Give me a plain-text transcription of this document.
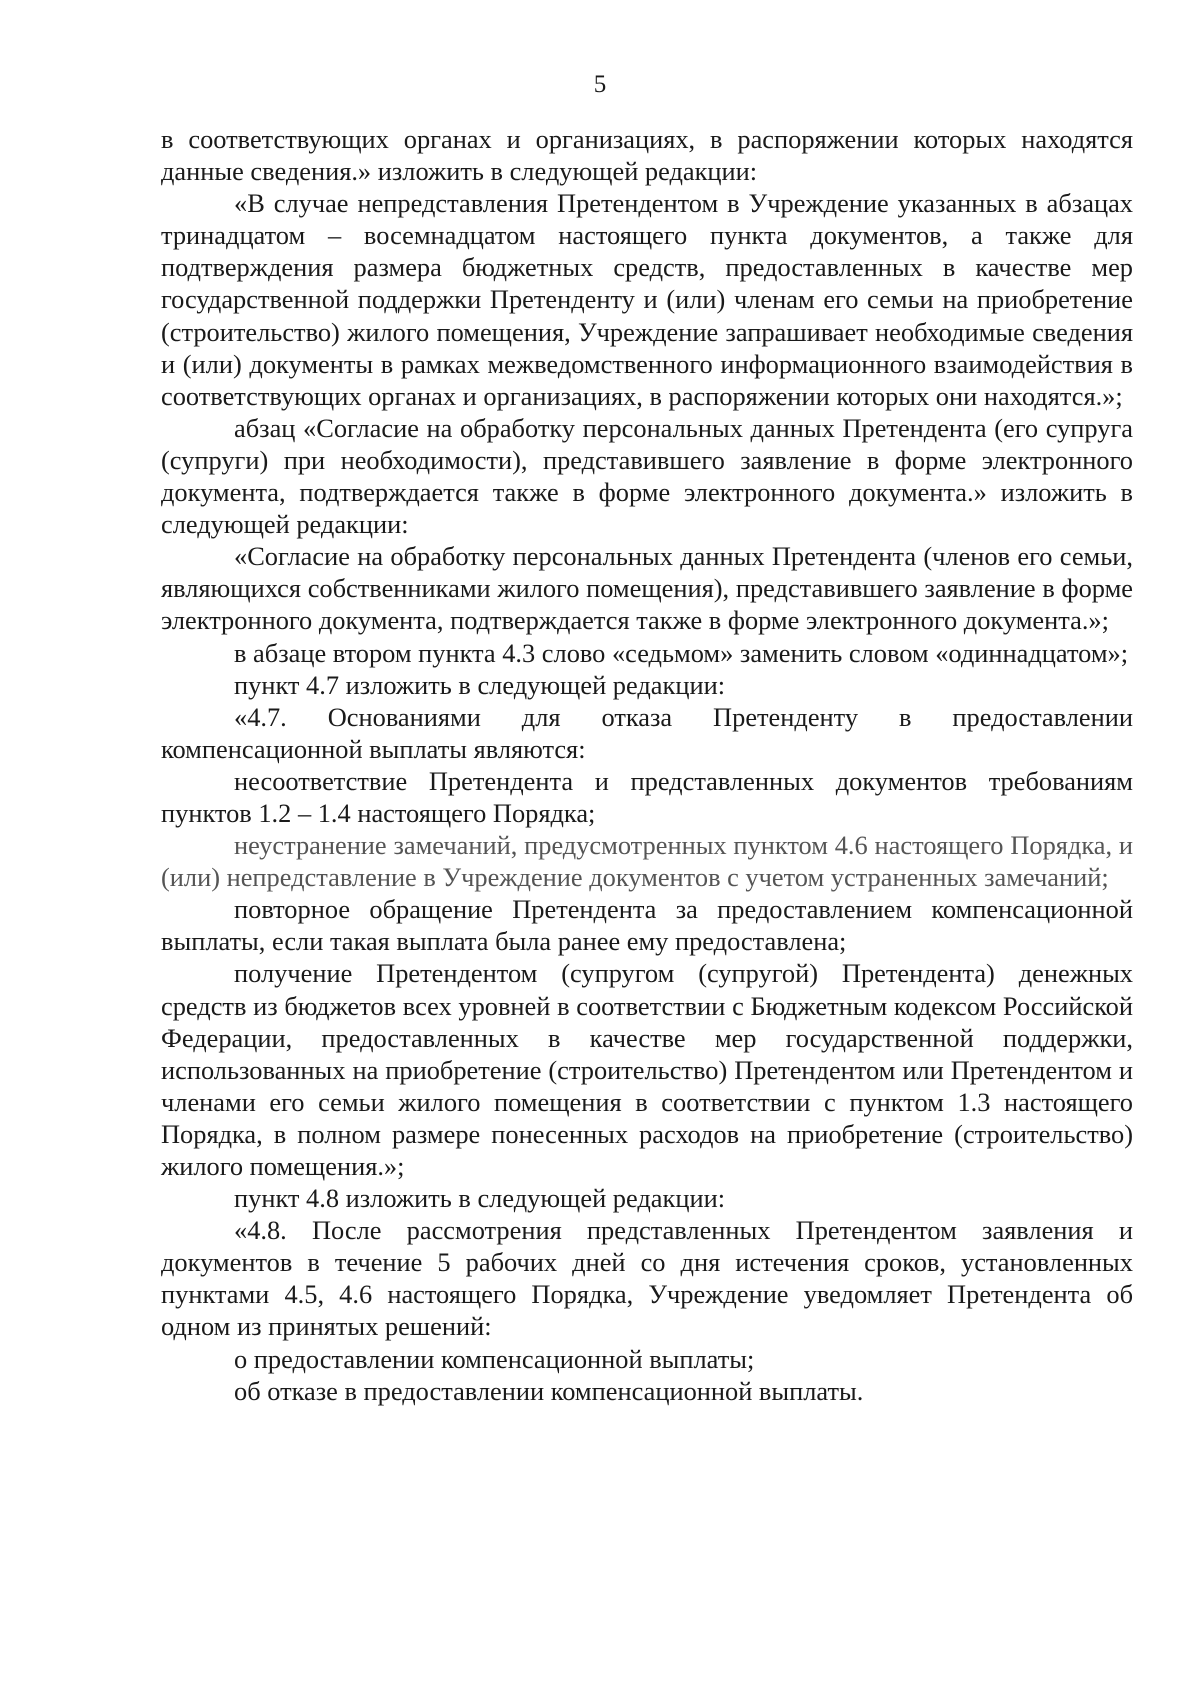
5

в соответствующих органах и организациях, в распоряжении которых находятся данные сведения.» изложить в следующей редакции:

«В случае непредставления Претендентом в Учреждение указанных в абзацах тринадцатом – восемнадцатом настоящего пункта документов, а также для подтверждения размера бюджетных средств, предоставленных в качестве мер государственной поддержки Претенденту и (или) членам его семьи на приобретение (строительство) жилого помещения, Учреждение запрашивает необходимые сведения и (или) документы в рамках межведомственного информационного взаимодействия в соответствующих органах и организациях, в распоряжении которых они находятся.»;

абзац «Согласие на обработку персональных данных Претендента (его супруга (супруги) при необходимости), представившего заявление в форме электронного документа, подтверждается также в форме электронного документа.» изложить в следующей редакции:

«Согласие на обработку персональных данных Претендента (членов его семьи, являющихся собственниками жилого помещения), представившего заявление в форме электронного документа, подтверждается также в форме электронного документа.»;

в абзаце втором пункта 4.3 слово «седьмом» заменить словом «одиннадцатом»;

пункт 4.7 изложить в следующей редакции:

«4.7. Основаниями для отказа Претенденту в предоставлении компенсационной выплаты являются:

несоответствие Претендента и представленных документов требованиям пунктов 1.2 – 1.4 настоящего Порядка;

неустранение замечаний, предусмотренных пунктом 4.6 настоящего Порядка, и (или) непредставление в Учреждение документов с учетом устраненных замечаний;

повторное обращение Претендента за предоставлением компенсационной выплаты, если такая выплата была ранее ему предоставлена;

получение Претендентом (супругом (супругой) Претендента) денежных средств из бюджетов всех уровней в соответствии с Бюджетным кодексом Российской Федерации, предоставленных в качестве мер государственной поддержки, использованных на приобретение (строительство) Претендентом или Претендентом и членами его семьи жилого помещения в соответствии с пунктом 1.3 настоящего Порядка, в полном размере понесенных расходов на приобретение (строительство) жилого помещения.»;

пункт 4.8 изложить в следующей редакции:

«4.8. После рассмотрения представленных Претендентом заявления и документов в течение 5 рабочих дней со дня истечения сроков, установленных пунктами 4.5, 4.6 настоящего Порядка, Учреждение уведомляет Претендента об одном из принятых решений:

о предоставлении компенсационной выплаты;

об отказе в предоставлении компенсационной выплаты.
